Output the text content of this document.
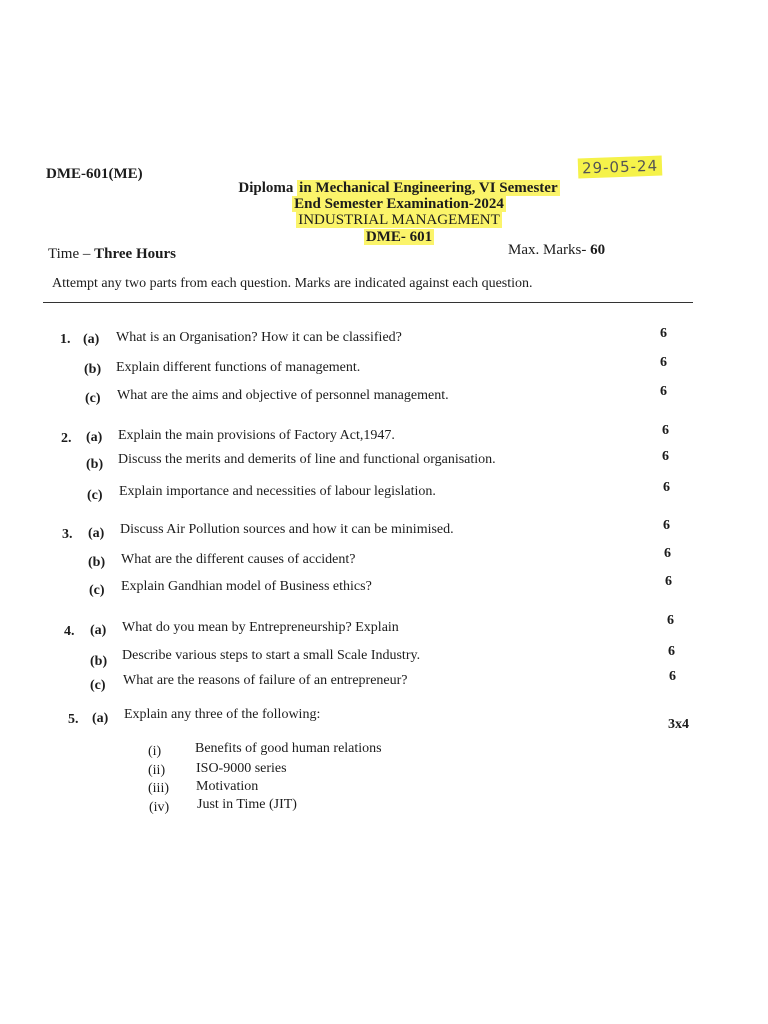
DME-601(ME)	29-05-24
Diploma in Mechanical Engineering, VI Semester
End Semester Examination-2024
INDUSTRIAL MANAGEMENT
DME- 601
Time – Three Hours	Max. Marks- 60
Attempt any two parts from each question. Marks are indicated against each question.
1. (a) What is an Organisation? How it can be classified?	6
(b) Explain different functions of management.	6
(c) What are the aims and objective of personnel management.	6
2. (a) Explain the main provisions of Factory Act,1947.	6
(b) Discuss the merits and demerits of line and functional organisation.	6
(c) Explain importance and necessities of labour legislation.	6
3. (a) Discuss Air Pollution sources and how it can be minimised.	6
(b) What are the different causes of accident?	6
(c) Explain Gandhian model of Business ethics?	6
4. (a) What do you mean by Entrepreneurship? Explain	6
(b) Describe various steps to start a small Scale Industry.	6
(c) What are the reasons of failure of an entrepreneur?	6
5. (a) Explain any three of the following:
3x4
(i) Benefits of good human relations
(ii) ISO-9000 series
(iii) Motivation
(iv) Just in Time (JIT)
